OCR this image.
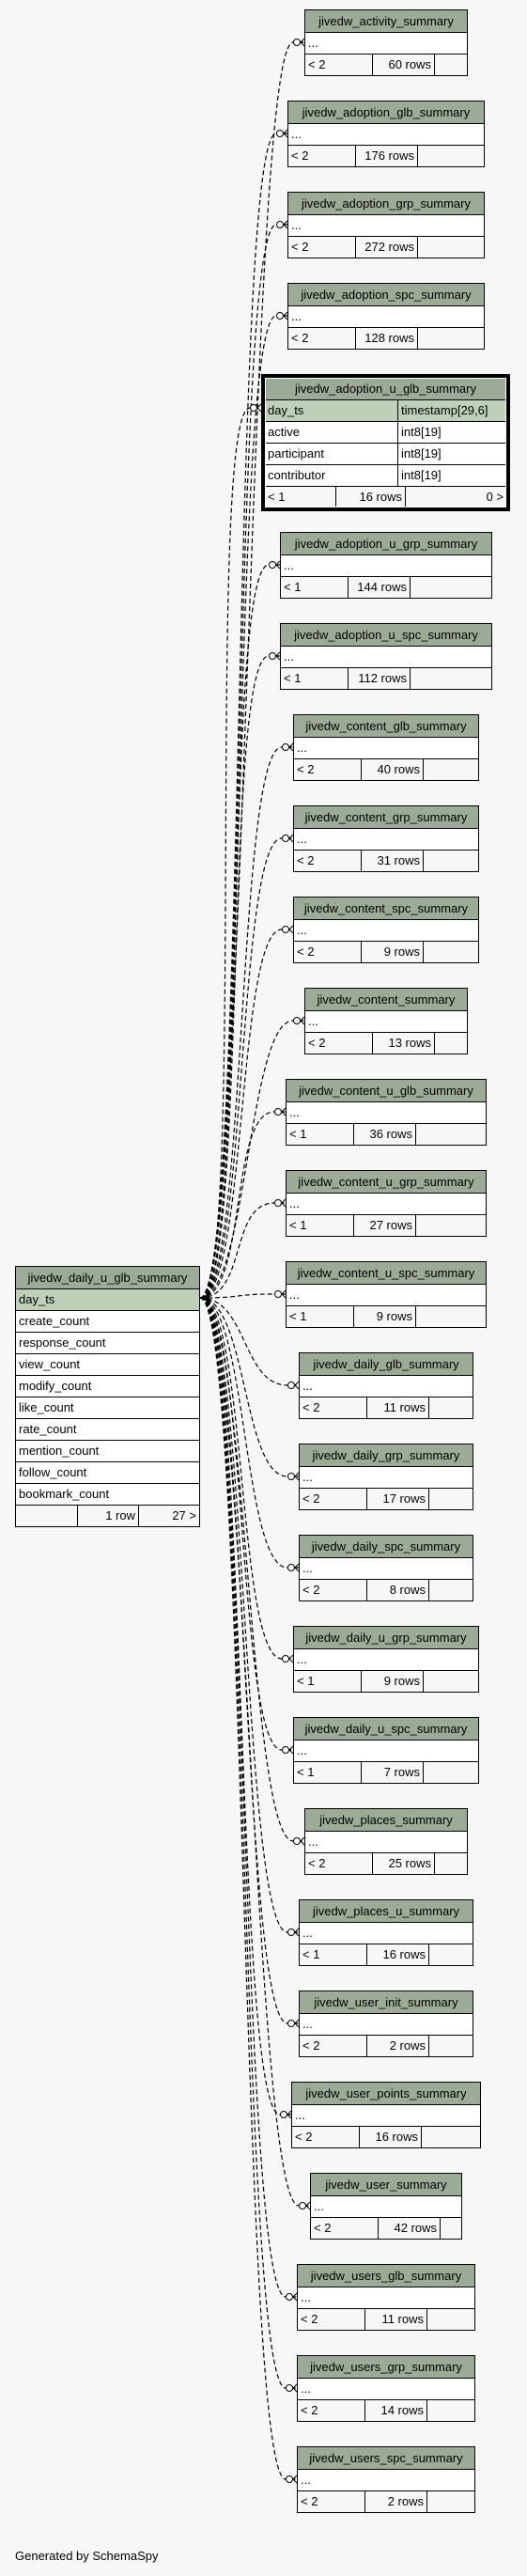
jivedw_daily_u_glb_summary
day_ts
create_count
response_count
view_count
modify_count
like_count
rate_count
mention_count
follow_count
bookmark_count
1 row	27 >
jivedw_adoption_u_glb_summary
day_ts	timestamp[29,6]
active	int8[19]
participant	int8[19]
contributor	int8[19]
< 1	16 rows	0 >
jivedw_activity_summary
...
< 2	60 rows
jivedw_adoption_glb_summary
...
< 2	176 rows
jivedw_adoption_grp_summary
...
< 2	272 rows
jivedw_adoption_spc_summary
...
< 2	128 rows
jivedw_adoption_u_grp_summary
...
< 1	144 rows
jivedw_adoption_u_spc_summary
...
< 1	112 rows
jivedw_content_glb_summary
...
< 2	40 rows
jivedw_content_grp_summary
...
< 2	31 rows
jivedw_content_spc_summary
...
< 2	9 rows
jivedw_content_summary
...
< 2	13 rows
jivedw_content_u_glb_summary
...
< 1	36 rows
jivedw_content_u_grp_summary
...
< 1	27 rows
jivedw_content_u_spc_summary
...
< 1	9 rows
jivedw_daily_glb_summary
...
< 2	11 rows
jivedw_daily_grp_summary
...
< 2	17 rows
jivedw_daily_spc_summary
...
< 2	8 rows
jivedw_daily_u_grp_summary
...
< 1	9 rows
jivedw_daily_u_spc_summary
...
< 1	7 rows
jivedw_places_summary
...
< 2	25 rows
jivedw_places_u_summary
...
< 1	16 rows
jivedw_user_init_summary
...
< 2	2 rows
jivedw_user_points_summary
...
< 2	16 rows
jivedw_user_summary
...
< 2	42 rows
jivedw_users_glb_summary
...
< 2	11 rows
jivedw_users_grp_summary
...
< 2	14 rows
jivedw_users_spc_summary
...
< 2	2 rows
Generated by SchemaSpy
